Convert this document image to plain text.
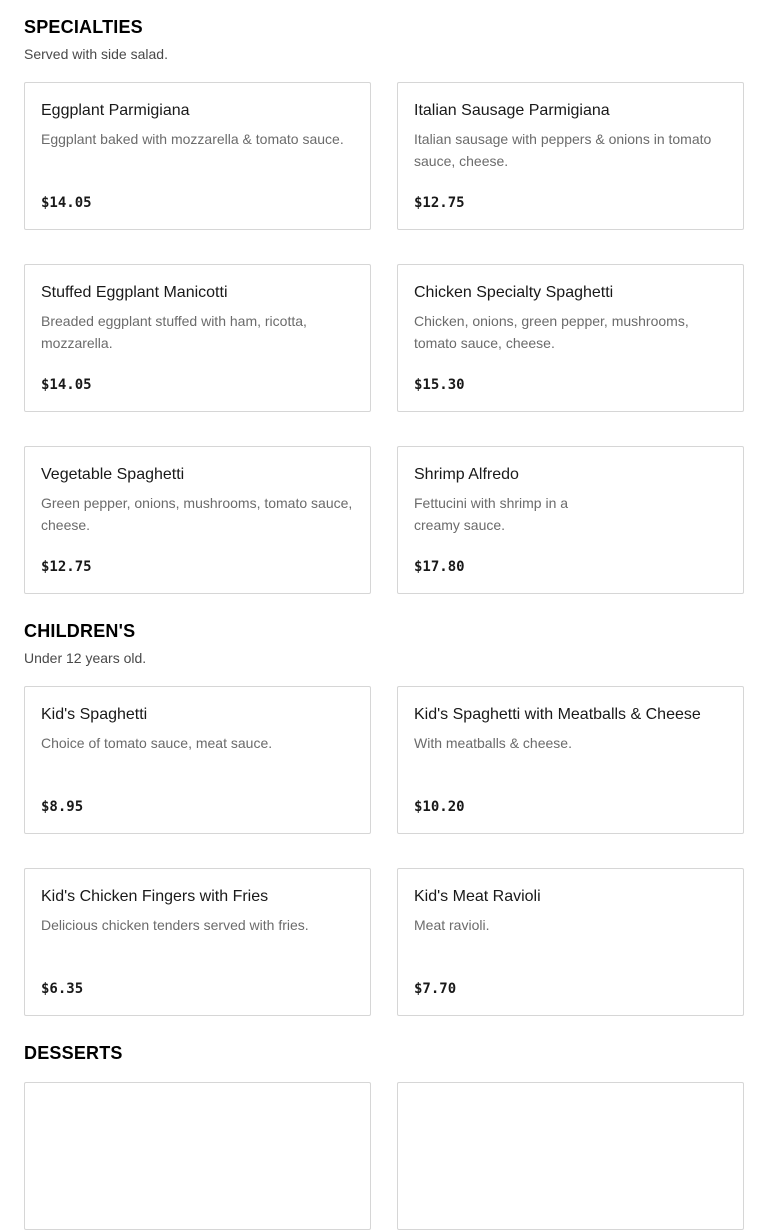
SPECIALTIES

Served with side salad.

Eggplant Parmigiana

Eggplant baked with mozzarella & tomato sauce.

$14.05

Italian Sausage Parmigiana

Italian sausage with peppers & onions in tomato sauce, cheese.

$12.75

Stuffed Eggplant Manicotti

Breaded eggplant stuffed with ham, ricotta, mozzarella.

$14.05

Chicken Specialty Spaghetti

Chicken, onions, green pepper, mushrooms, tomato sauce, cheese.

$15.30

Vegetable Spaghetti

Green pepper, onions, mushrooms, tomato sauce, cheese.

$12.75

Shrimp Alfredo

Fettucini with shrimp in a creamy sauce.

$17.80

CHILDREN'S

Under 12 years old.

Kid's Spaghetti

Choice of tomato sauce, meat sauce.

$8.95

Kid's Spaghetti with Meatballs & Cheese

With meatballs & cheese.

$10.20

Kid's Chicken Fingers with Fries

Delicious chicken tenders served with fries.

$6.35

Kid's Meat Ravioli

Meat ravioli.

$7.70

DESSERTS
